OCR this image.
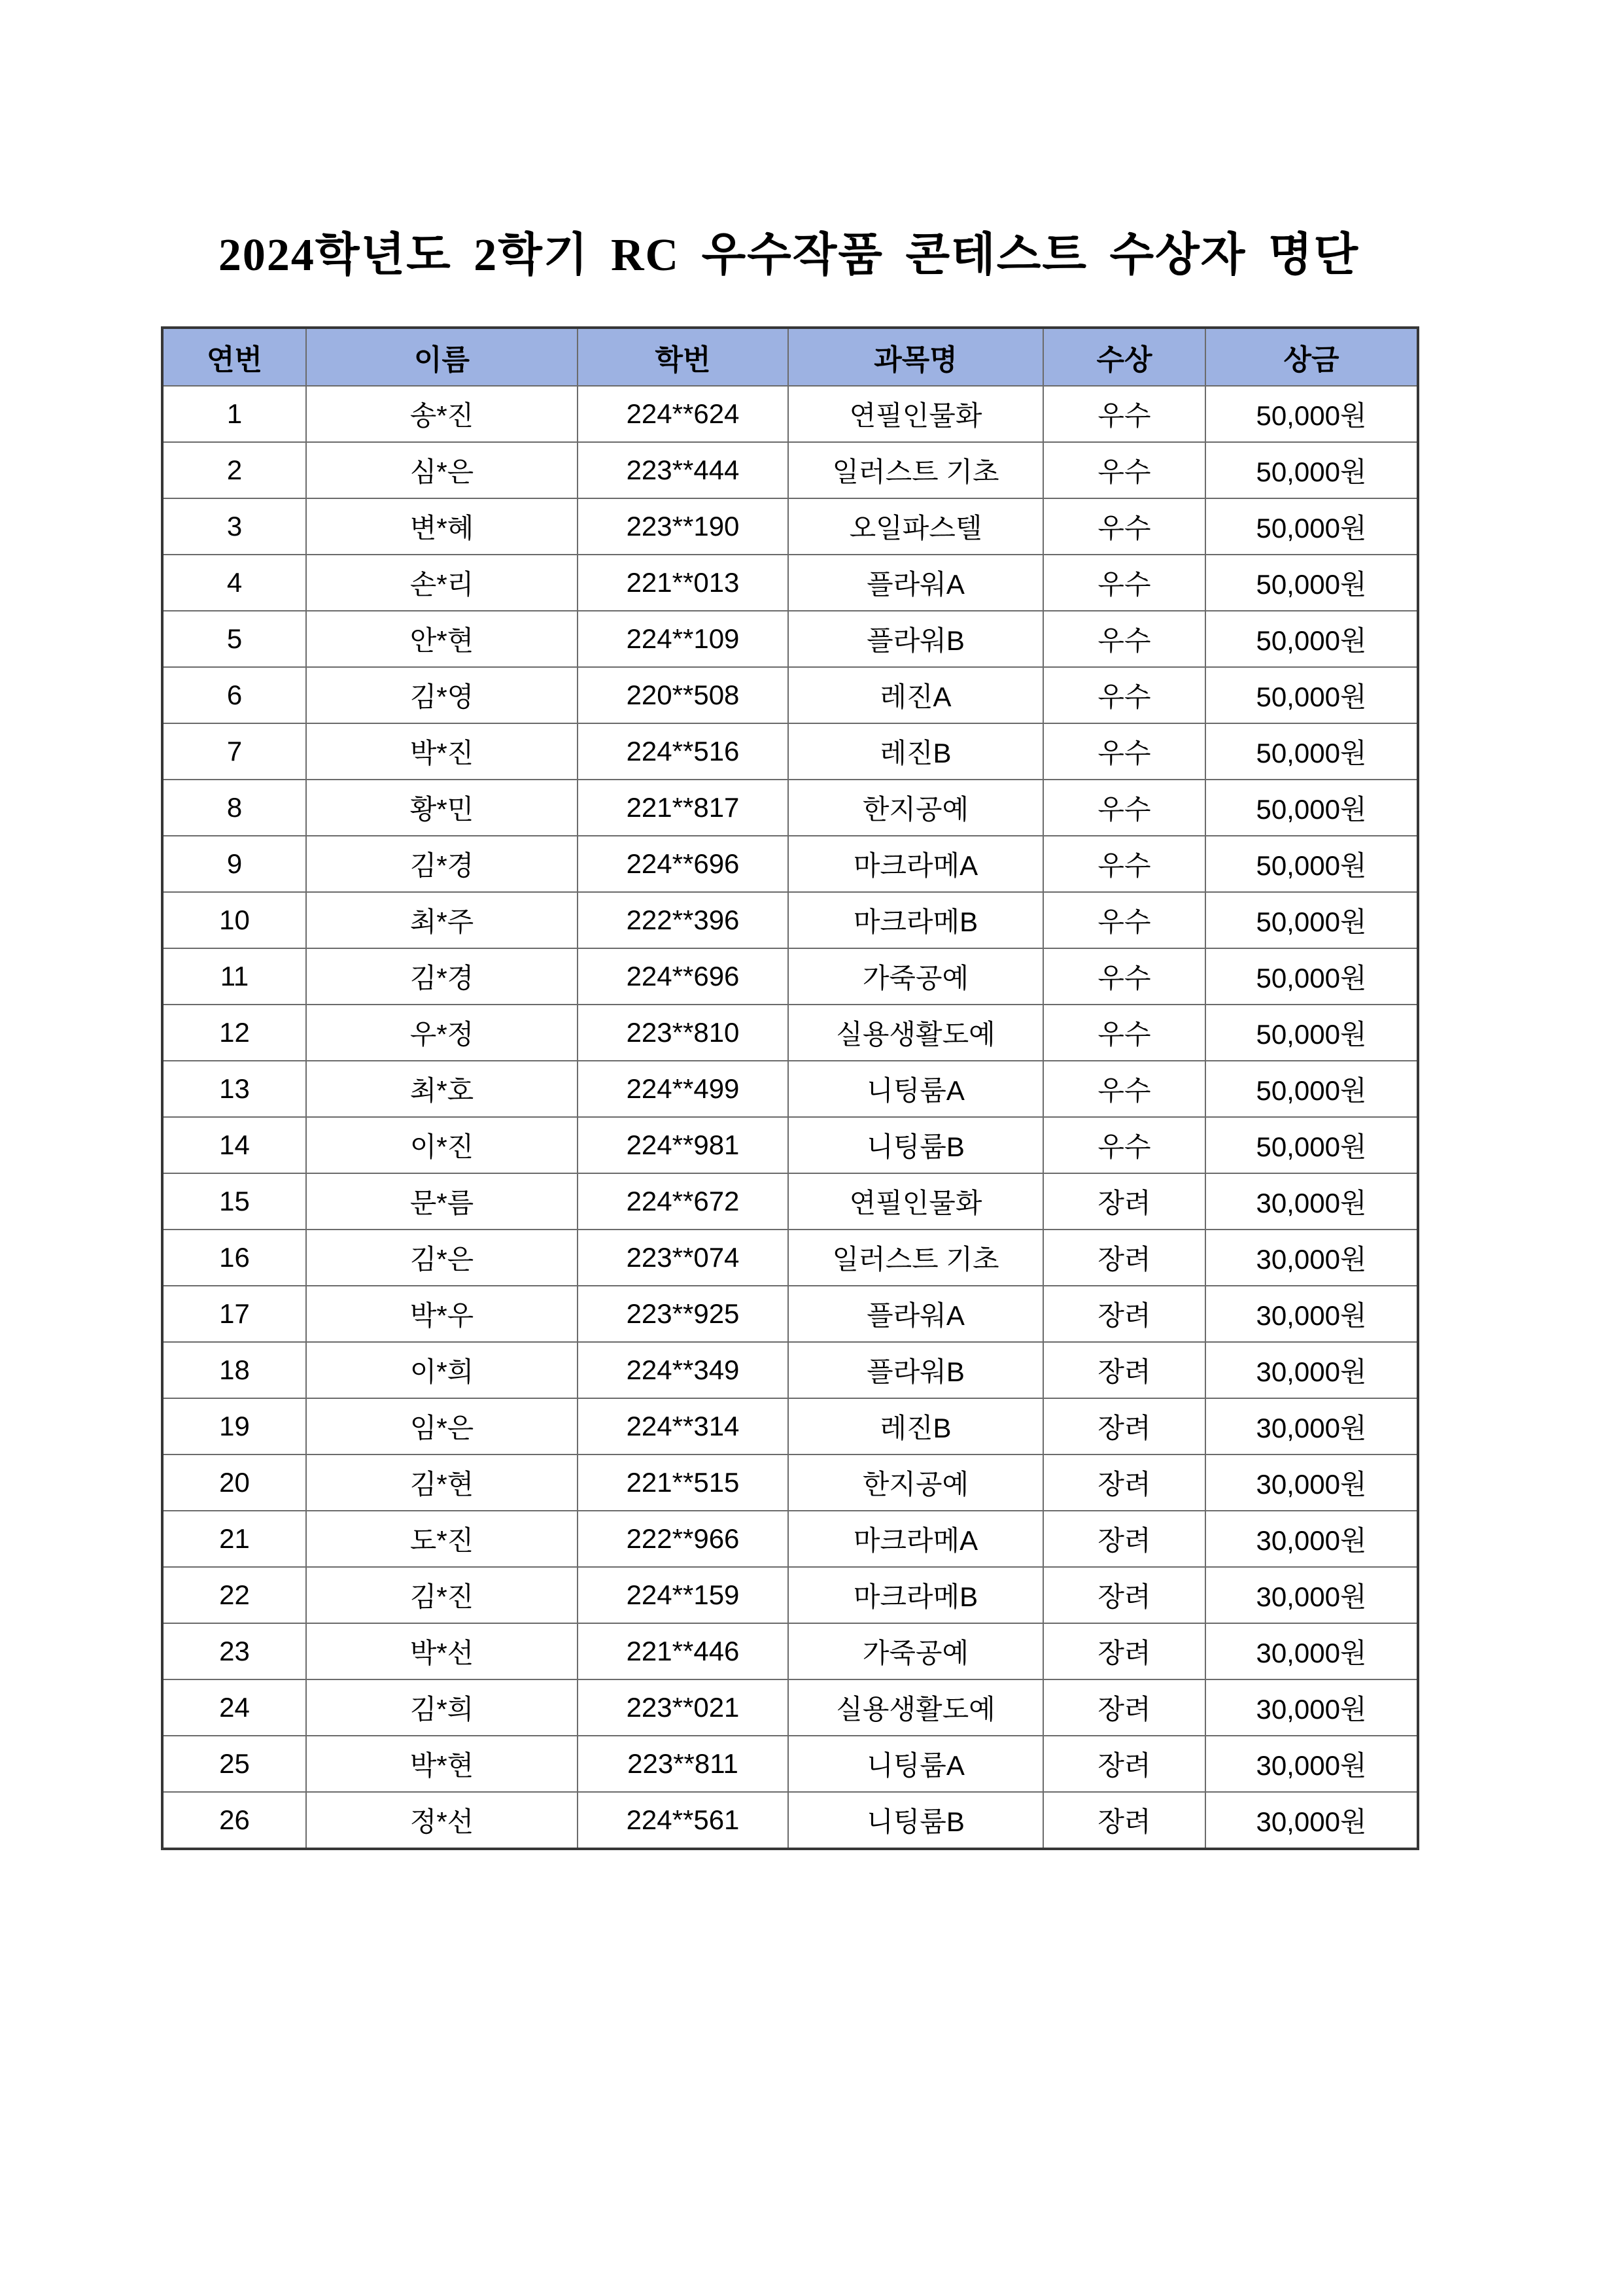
2024학년도 2학기 RC 우수작품 콘테스트 수상자 명단
연번	이름	학번	과목명	수상	상금
1	송*진	224**624	연필인물화	우수	50,000원
2	심*은	223**444	일러스트 기초	우수	50,000원
3	변*혜	223**190	오일파스텔	우수	50,000원
4	손*리	221**013	플라워A	우수	50,000원
5	안*현	224**109	플라워B	우수	50,000원
6	김*영	220**508	레진A	우수	50,000원
7	박*진	224**516	레진B	우수	50,000원
8	황*민	221**817	한지공예	우수	50,000원
9	김*경	224**696	마크라메A	우수	50,000원
10	최*주	222**396	마크라메B	우수	50,000원
11	김*경	224**696	가죽공예	우수	50,000원
12	우*정	223**810	실용생활도예	우수	50,000원
13	최*호	224**499	니팅룸A	우수	50,000원
14	이*진	224**981	니팅룸B	우수	50,000원
15	문*름	224**672	연필인물화	장려	30,000원
16	김*은	223**074	일러스트 기초	장려	30,000원
17	박*우	223**925	플라워A	장려	30,000원
18	이*희	224**349	플라워B	장려	30,000원
19	임*은	224**314	레진B	장려	30,000원
20	김*현	221**515	한지공예	장려	30,000원
21	도*진	222**966	마크라메A	장려	30,000원
22	김*진	224**159	마크라메B	장려	30,000원
23	박*선	221**446	가죽공예	장려	30,000원
24	김*희	223**021	실용생활도예	장려	30,000원
25	박*현	223**811	니팅룸A	장려	30,000원
26	정*선	224**561	니팅룸B	장려	30,000원
